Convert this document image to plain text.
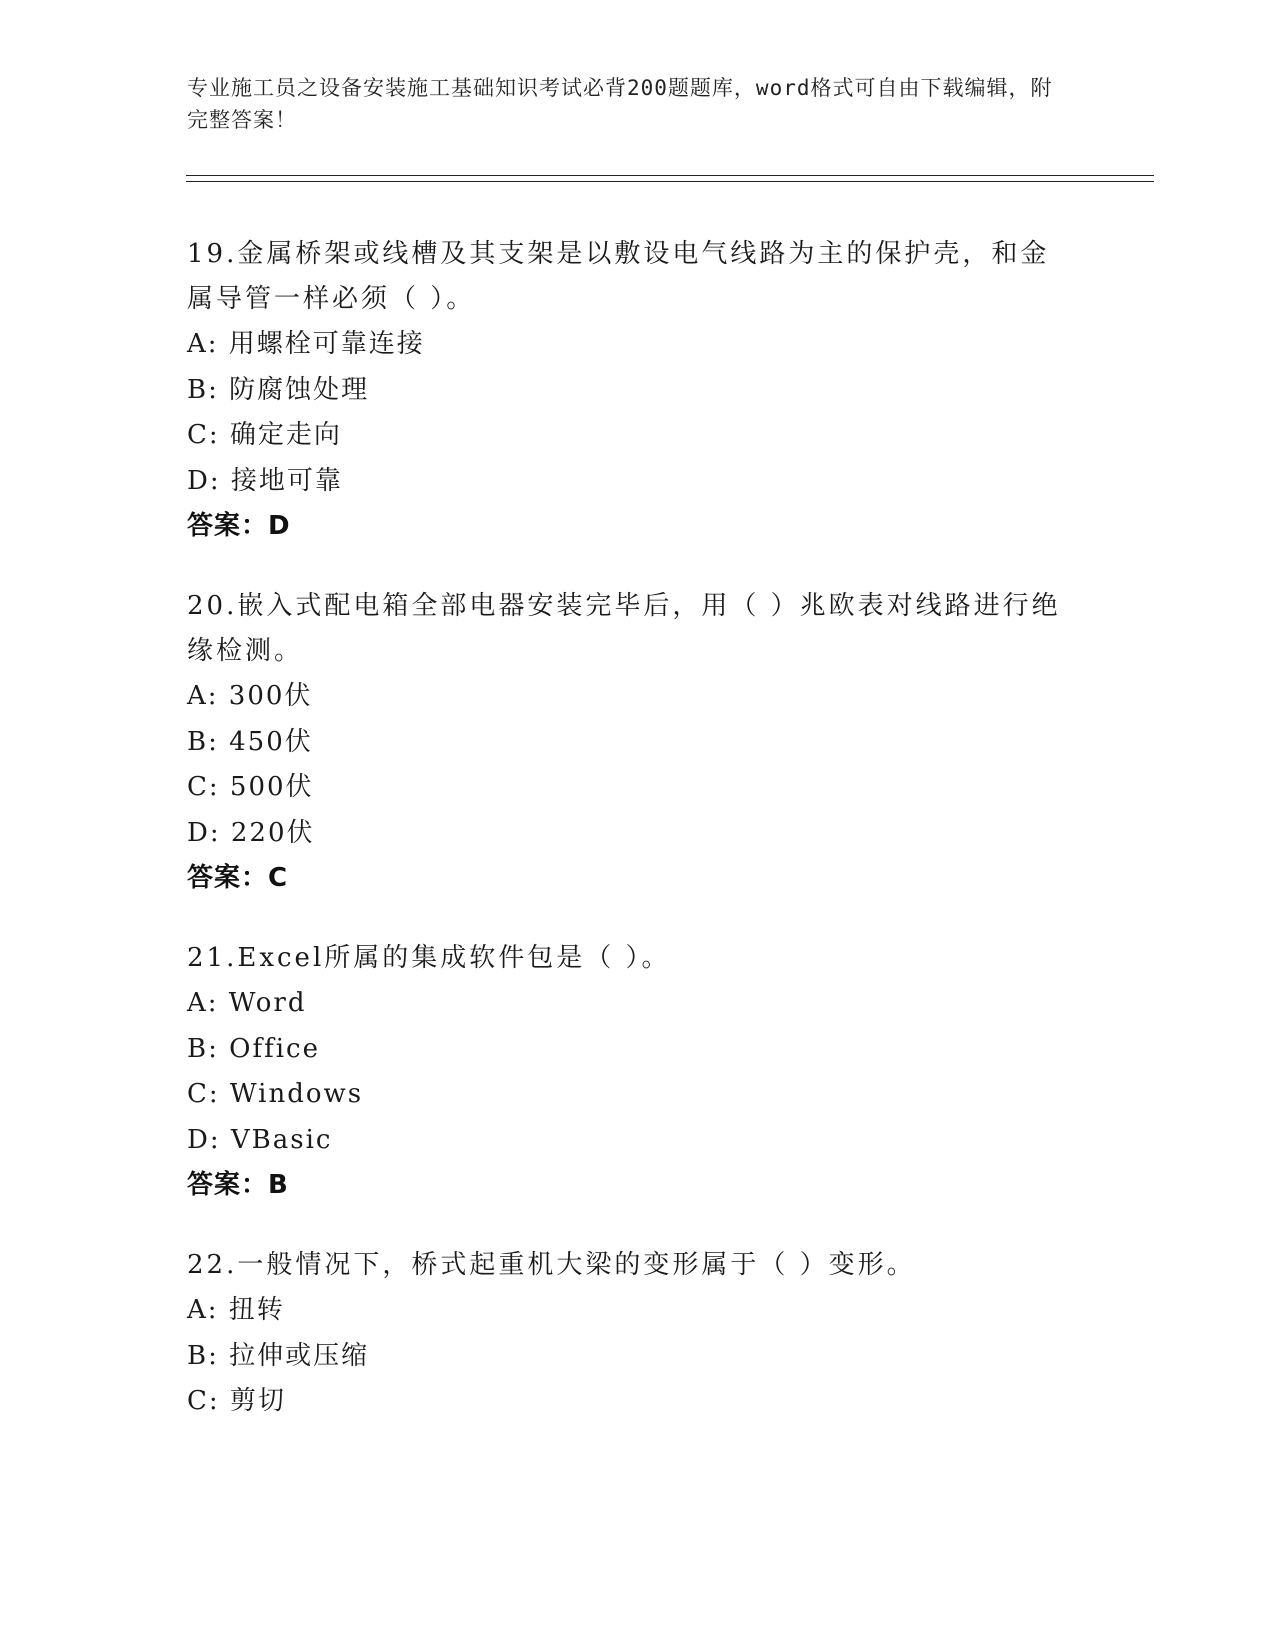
专业施工员之设备安装施工基础知识考试必背200题题库，word格式可自由下载编辑，附完整答案！
19.金属桥架或线槽及其支架是以敷设电气线路为主的保护壳，和金属导管一样必须（ ）。
A: 用螺栓可靠连接
B: 防腐蚀处理
C: 确定走向
D: 接地可靠
答案：D
20.嵌入式配电箱全部电器安装完毕后，用（ ）兆欧表对线路进行绝缘检测。
A: 300伏
B: 450伏
C: 500伏
D: 220伏
答案：C
21.Excel所属的集成软件包是（ ）。
A: Word
B: Office
C: Windows
D: VBasic
答案：B
22.一般情况下，桥式起重机大梁的变形属于（ ）变形。
A: 扭转
B: 拉伸或压缩
C: 剪切
